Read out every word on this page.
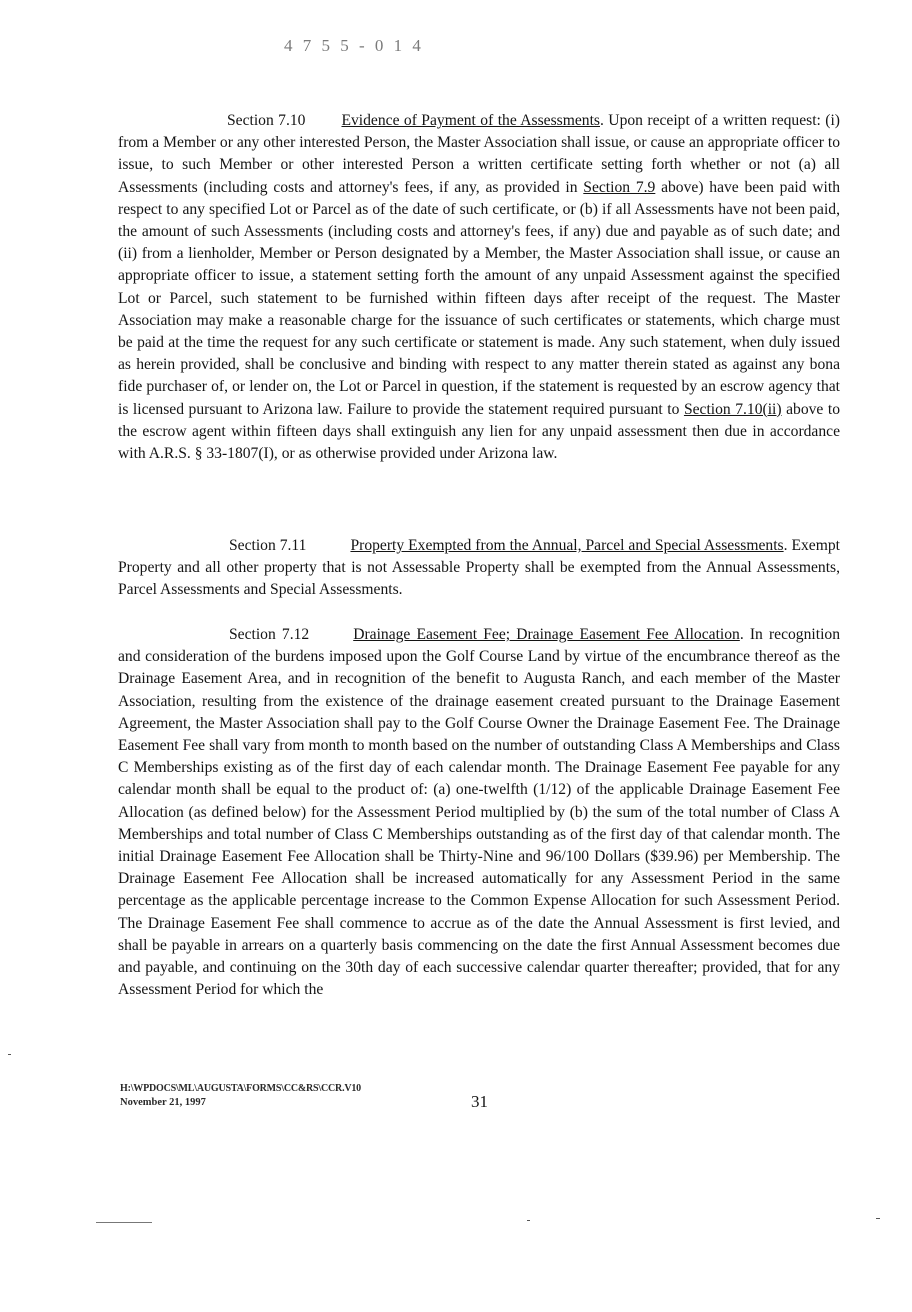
4 7 5 5 - 0 1 4
Section 7.10 Evidence of Payment of the Assessments. Upon receipt of a written request: (i) from a Member or any other interested Person, the Master Association shall issue, or cause an appropriate officer to issue, to such Member or other interested Person a written certificate setting forth whether or not (a) all Assessments (including costs and attorney's fees, if any, as provided in Section 7.9 above) have been paid with respect to any specified Lot or Parcel as of the date of such certificate, or (b) if all Assessments have not been paid, the amount of such Assessments (including costs and attorney's fees, if any) due and payable as of such date; and (ii) from a lienholder, Member or Person designated by a Member, the Master Association shall issue, or cause an appropriate officer to issue, a statement setting forth the amount of any unpaid Assessment against the specified Lot or Parcel, such statement to be furnished within fifteen days after receipt of the request. The Master Association may make a reasonable charge for the issuance of such certificates or statements, which charge must be paid at the time the request for any such certificate or statement is made. Any such statement, when duly issued as herein provided, shall be conclusive and binding with respect to any matter therein stated as against any bona fide purchaser of, or lender on, the Lot or Parcel in question, if the statement is requested by an escrow agency that is licensed pursuant to Arizona law. Failure to provide the statement required pursuant to Section 7.10(ii) above to the escrow agent within fifteen days shall extinguish any lien for any unpaid assessment then due in accordance with A.R.S. § 33-1807(I), or as otherwise provided under Arizona law.
Section 7.11	Property Exempted from the Annual, Parcel and Special Assessments. Exempt Property and all other property that is not Assessable Property shall be exempted from the Annual Assessments, Parcel Assessments and Special Assessments.
Section 7.12	Drainage Easement Fee; Drainage Easement Fee Allocation. In recognition and consideration of the burdens imposed upon the Golf Course Land by virtue of the encumbrance thereof as the Drainage Easement Area, and in recognition of the benefit to Augusta Ranch, and each member of the Master Association, resulting from the existence of the drainage easement created pursuant to the Drainage Easement Agreement, the Master Association shall pay to the Golf Course Owner the Drainage Easement Fee. The Drainage Easement Fee shall vary from month to month based on the number of outstanding Class A Memberships and Class C Memberships existing as of the first day of each calendar month. The Drainage Easement Fee payable for any calendar month shall be equal to the product of: (a) one-twelfth (1/12) of the applicable Drainage Easement Fee Allocation (as defined below) for the Assessment Period multiplied by (b) the sum of the total number of Class A Memberships and total number of Class C Memberships outstanding as of the first day of that calendar month. The initial Drainage Easement Fee Allocation shall be Thirty-Nine and 96/100 Dollars ($39.96) per Membership. The Drainage Easement Fee Allocation shall be increased automatically for any Assessment Period in the same percentage as the applicable percentage increase to the Common Expense Allocation for such Assessment Period. The Drainage Easement Fee shall commence to accrue as of the date the Annual Assessment is first levied, and shall be payable in arrears on a quarterly basis commencing on the date the first Annual Assessment becomes due and payable, and continuing on the 30th day of each successive calendar quarter thereafter; provided, that for any Assessment Period for which the
H:\WPDOCS\ML\AUGUSTA\FORMS\CC&RS\CCR.V10
November 21, 1997	31
